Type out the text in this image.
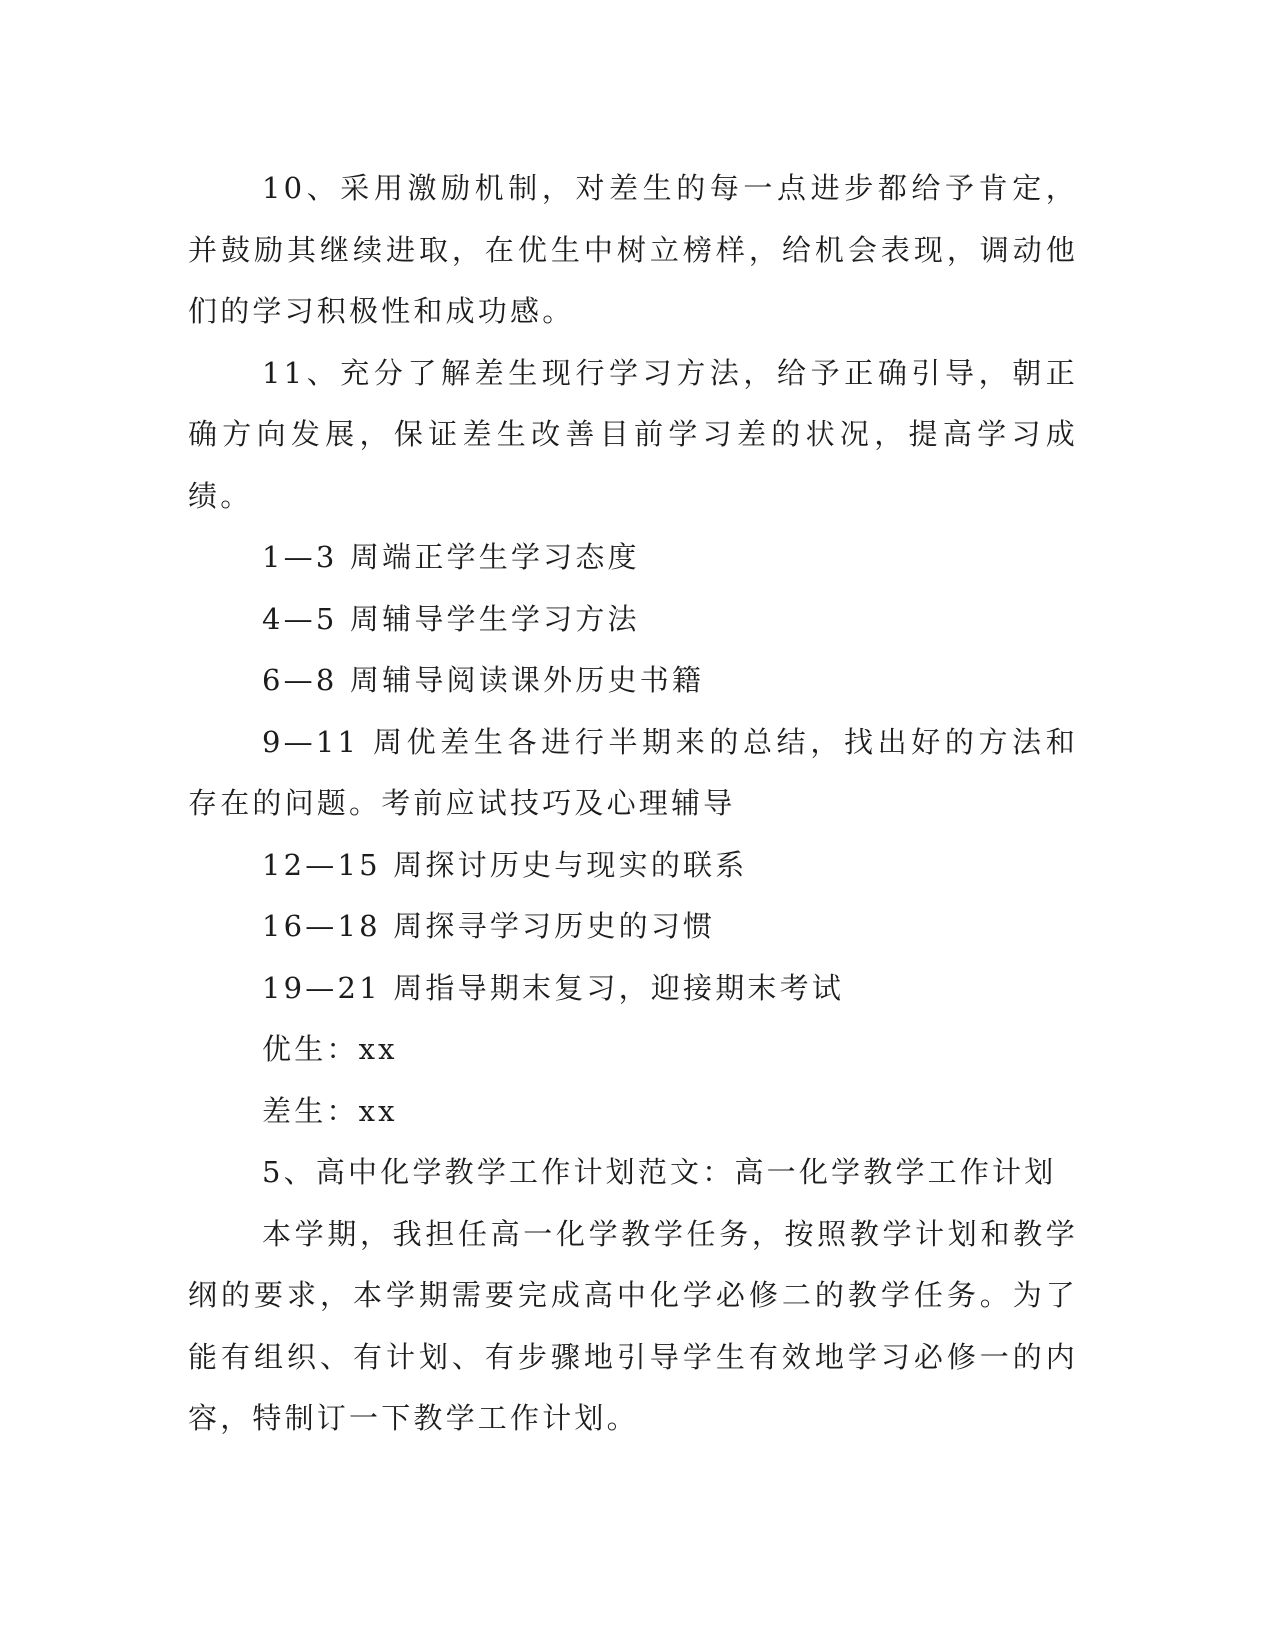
10、采用激励机制，对差生的每一点进步都给予肯定，并鼓励其继续进取，在优生中树立榜样，给机会表现，调动他们的学习积极性和成功感。

11、充分了解差生现行学习方法，给予正确引导，朝正确方向发展，保证差生改善目前学习差的状况，提高学习成绩。

1—3 周端正学生学习态度

4—5 周辅导学生学习方法

6—8 周辅导阅读课外历史书籍

9—11 周优差生各进行半期来的总结，找出好的方法和存在的问题。考前应试技巧及心理辅导

12—15 周探讨历史与现实的联系

16—18 周探寻学习历史的习惯

19—21 周指导期末复习，迎接期末考试

优生：xx

差生：xx

5、高中化学教学工作计划范文：高一化学教学工作计划

本学期，我担任高一化学教学任务，按照教学计划和教学纲的要求，本学期需要完成高中化学必修二的教学任务。为了能有组织、有计划、有步骤地引导学生有效地学习必修一的内容，特制订一下教学工作计划。
